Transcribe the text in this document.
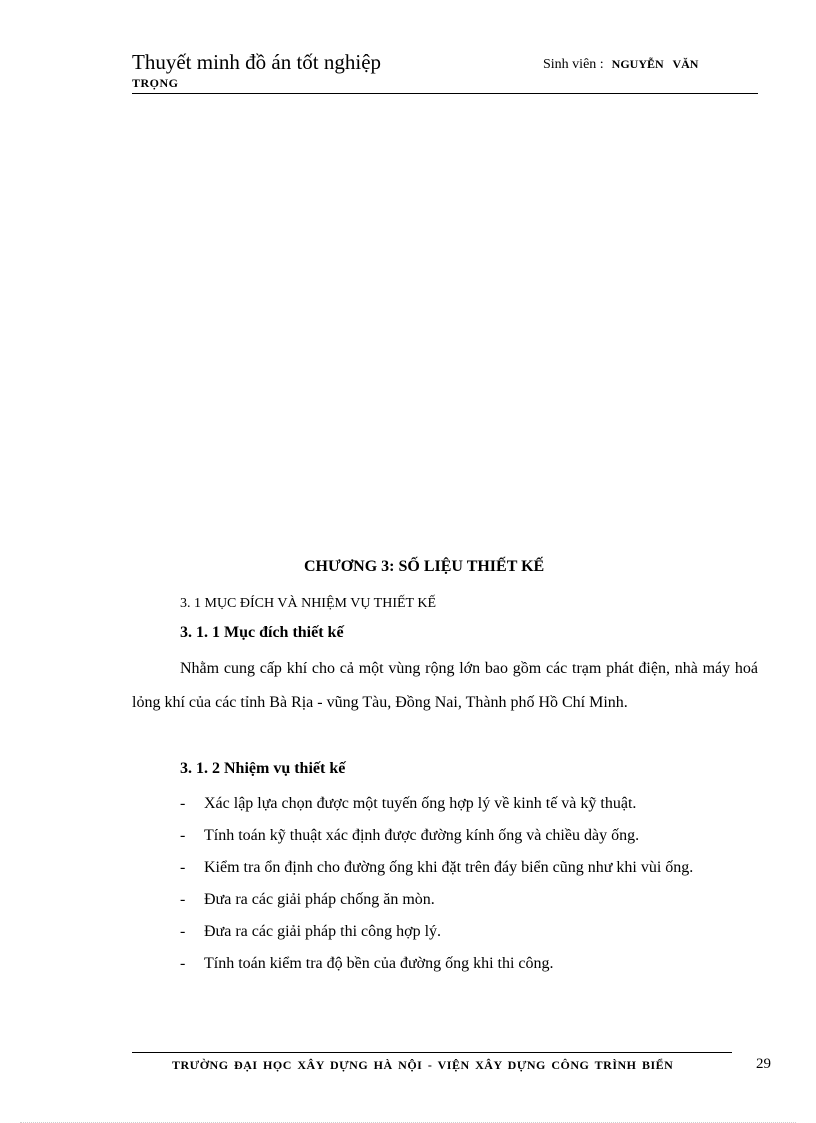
Thuyết minh đồ án tốt nghiệp
TRỌNG
Sinh viên : NGUYỄN VĂN
CHƯƠNG 3: SỐ LIỆU THIẾT KẾ
3. 1 MỤC ĐÍCH VÀ NHIỆM VỤ THIẾT KẾ
3. 1. 1 Mục đích thiết kế
Nhằm cung cấp khí cho cả một vùng rộng lớn bao gồm các trạm phát điện, nhà máy hoá lỏng khí của các tỉnh Bà Rịa - vũng Tàu, Đồng Nai, Thành phố Hồ Chí Minh.
3. 1. 2 Nhiệm vụ thiết kế
-	Xác lập lựa chọn được một tuyến ống hợp lý về kinh tế và kỹ thuật.
-	Tính toán kỹ thuật xác định được đường kính ống và chiều dày ống.
-	Kiểm tra ổn định cho đường ống khi đặt trên đáy biển cũng như khi vùi ống.
-	Đưa ra các giải pháp chống ăn mòn.
-	Đưa ra các giải pháp thi công hợp lý.
-	Tính toán kiểm tra độ bền của đường ống khi thi công.
TRƯỜNG ĐẠI HỌC XÂY DỰNG HÀ NỘI - VIỆN XÂY DỰNG CÔNG TRÌNH BIỂN	29
